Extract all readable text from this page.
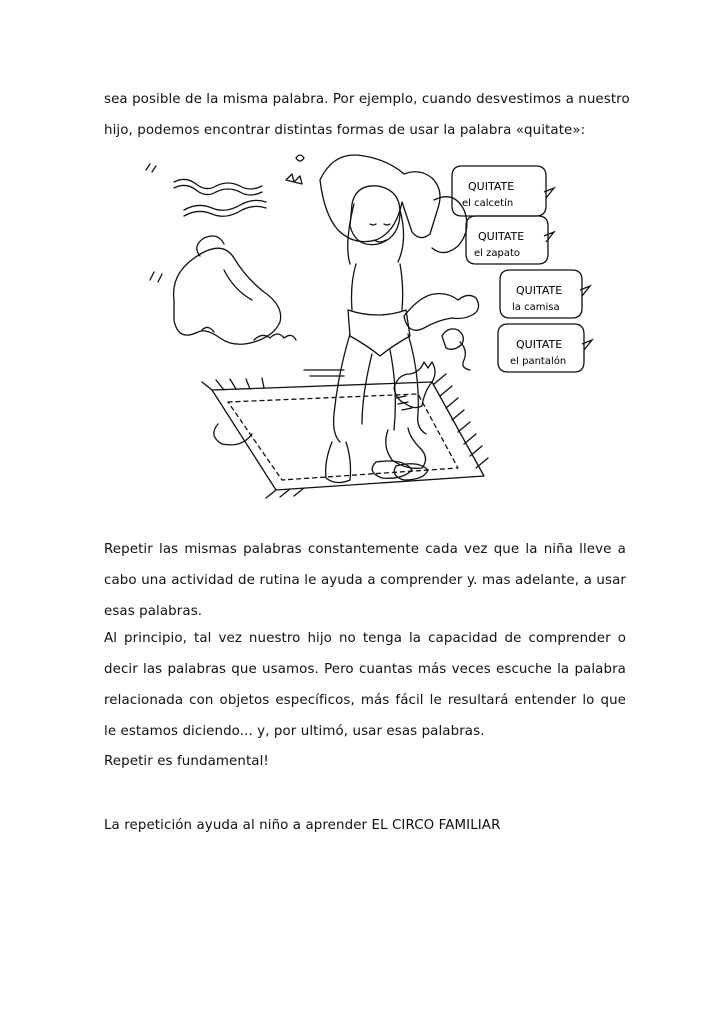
sea posible de la misma palabra. Por ejemplo, cuando desvestimos a nuestro
hijo, podemos encontrar distintas formas de usar la palabra «quitate»:

QUITATE
el calcetín
QUITATE
el zapato
QUITATE
la camisa
QUITATE
el pantalón

Repetir las mismas palabras constantemente cada vez que la niña lleve a
cabo una actividad de rutina le ayuda a comprender y. mas adelante, a usar
esas palabras.

Al principio, tal vez nuestro hijo no tenga la capacidad de comprender o
decir las palabras que usamos. Pero cuantas más veces escuche la palabra
relacionada con objetos específicos, más fácil le resultará entender lo que
le estamos diciendo... y, por ultimó, usar esas palabras.

Repetir es fundamental!

La repetición ayuda al niño a aprender EL CIRCO FAMILIAR
